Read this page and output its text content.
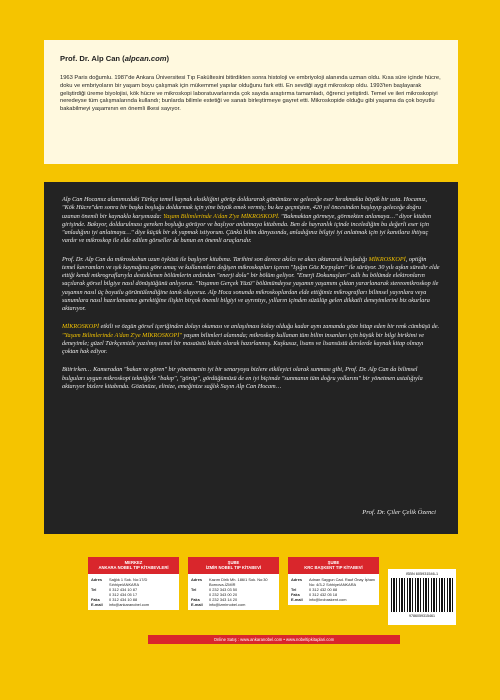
Prof. Dr. Alp Can (alpcan.com)

1963 Paris doğumlu. 1987'de Ankara Üniversitesi Tıp Fakültesini bitirdikten sonra histoloji ve embriyoloji alanında uzman oldu. Kısa süre içinde hücre, doku ve embriyoların bir yaşam boyu çalışmak için mükemmel yapılar olduğunu fark etti. En sevdiği aygıt mikroskop oldu. 1993'ten başlayarak geliştirdiği üreme biyolojisi, kök hücre ve mikroskopi laboratuvarlarında çok sayıda araştırma tamamladı, öğrenci yetiştirdi. Temel ve ileri mikroskopiyi neredeyse tüm çalışmalarında kullandı; bunlarda bilimle estetiği ve sanatı birleştirmeye gayret etti. Mikroskopide olduğu gibi yaşama da çok boyutlu bakabilmeyi yaşamının en önemli ilkesi sayıyor.

Alp Can Hocamız alanımızdaki Türkçe temel kaynak eksikliğini görüp doldurarak günümüze ve geleceğe eser bırakmakta büyük bir usta. Hocamız, "Kök Hücre"den sonra bir başka boşluğu doldurmak için yine büyük emek vermiş; bu kez geçmişten, 420 yıl öncesinden başlayıp geleceğe doğru uzanan önemli bir kaynakla karşımızda: Yaşam Bilimlerinde A'dan Z'ye MİKROSKOPİ. "Bakmaktan görmeye, görmekten anlamaya…" diyor kitabın girişinde. Bakıyor, doldurulması gereken boşluğu görüyor ve başlıyor anlatmaya kitabında. Ben de hayranlık içinde incelediğim bu değerli eser için "anladığını iyi anlatmaya…" diye küçük bir ek yapmak istiyorum. Çünkü bilim dünyasında, anladığınız bilgiyi iyi anlatmak için iyi kanıtlara ihtiyaç vardır ve mikroskop ile elde edilen görseller de bunun en önemli araçlarıdır.

Prof. Dr. Alp Can da mikroskobun uzun öyküsü ile başlıyor kitabına. Tarihini son derece akılcı ve akıcı aktararak başladığı MİKROSKOPİ, optiğin temel kavramları ve ışık kaynağına göre amaç ve kullanımları değişen mikroskopları içeren "Işığın Göz Kırpışları" ile sürüyor. 30 yılı aşkın süredir elde ettiği kendi mikrograflarıyla desteklenen bölümlerin ardından "enerji dolu" bir bölüm geliyor. "Enerji Dokunuşları" adlı bu bölümde elektronların saçılarak görsel bilgiye nasıl dönüştüğünü anlıyoruz. "Yaşamın Gerçek Yüzü" bölümündeyse yaşamın yaşamını çıktan yararlanarak stereomikroskop ile yaşamın nasıl üç boyutlu görüntülendiğine tanık oluyoruz. Alp Hoca sonunda mikroskoplardan elde ettiğimiz mikrografları bilimsel yayınlara veya sunumlara nasıl hazırlamamız gerektiğine ilişkin birçok önemli bilgiyi ve ayrıntıyı, yılların içinden süzülüp gelen dikkatli deneyimlerini biz okurlara aktarıyor.

MİKROSKOPİ etkili ve özgün görsel içeriğinden dolayı okuması ve anlaşılması kolay olduğu kadar aynı zamanda göze hitap eden bir renk cümbüşü de. "Yaşam Bilimlerinde A'dan Z'ye MİKROSKOPİ" yaşam bilimleri alanında; mikroskop kullanan tüm bilim insanları için büyük bir bilgi birikimi ve deneyimle; güzel Türkçemizle yazılmış temel bir masaüstü kitabı olarak hazırlanmış. Kuşkusuz, lisans ve lisansüstü derslerde kaynak kitap olmayı çoktan hak ediyor.

Bitirirken… Kameradan "bakan ve gören" bir yönetmenin iyi bir senaryoyu bizlere etkileyici olarak sunması gibi, Prof. Dr. Alp Can da bilimsel bulguları uygun mikroskopi tekniğiyle "bakıp", "görüp", gördüğümüzü de en iyi biçimde "sunmanın tüm doğru yollarını" bir yönetmen ustalığıyla aktarıyor bizlere kitabında. Gözünüze, elinize, emeğinize sağlık Sayın Alp Can Hocam…

Prof. Dr. Çiler Çelik Özenci
MERKEZ
ANKARA NOBEL TIP KİTABEVLERİ
Adres	Sağlık 1 Sok. No:17/D Sıhhiye/ANKARA
Tel	0 312 434 10 87
0 312 434 05 17
Faks	0 312 434 10 88
E-mail	info@ankaranobel.com
ŞUBE
İZMİR NOBEL TIP KİTABEVİ
Adres	Kazım Dirik Mh. 186/1 Sok. No:30 Bornova-İZMİR
Tel	0 232 343 03 50
0 232 343 00 20
Faks	0 232 343 14 20
E-mail	info@izmirnobel.com
ŞUBE
KRC BAŞKENT TIP KİTABEVİ
Adres	Adnan Saygun Cad. Rauf Önay İşhanı No: 4/3-2 Sıhhiye/ANKARA
Tel	0 312 432 00 88
Faks	0 312 432 05 18
E-mail	info@krcbaskent.com
ISBN 605931546-1
9786059315461
Online Satış : www.ankaranobel.com • www.nobeltipkitaplari.com
